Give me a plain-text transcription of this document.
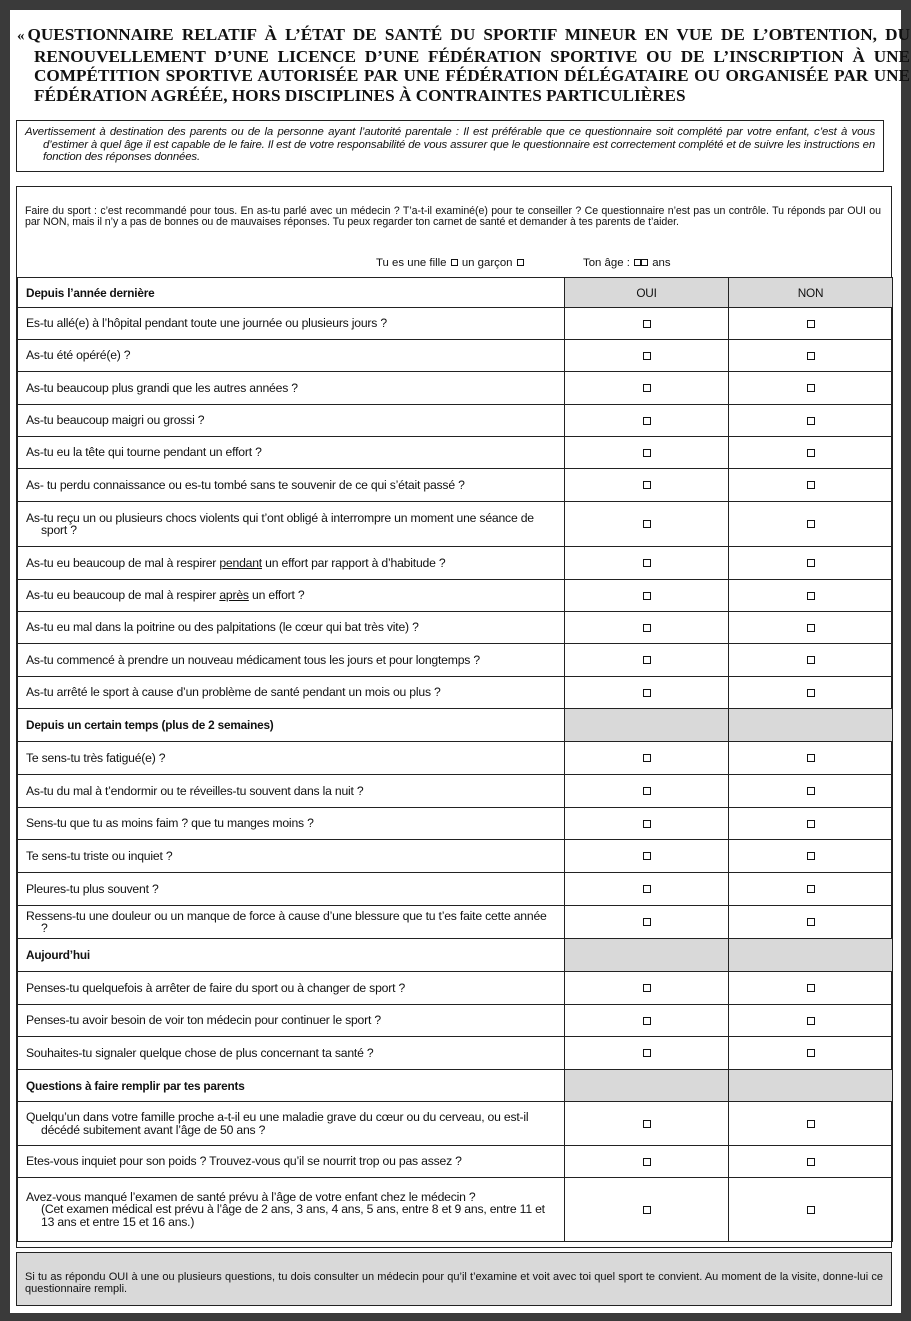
« QUESTIONNAIRE RELATIF À L’ÉTAT DE SANTÉ DU SPORTIF MINEUR EN VUE DE L’OBTENTION, DU RENOUVELLEMENT D’UNE LICENCE D’UNE FÉDÉRATION SPORTIVE OU DE L’INSCRIPTION À UNE COMPÉTITION SPORTIVE AUTORISÉE PAR UNE FÉDÉRATION DÉLÉGATAIRE OU ORGANISÉE PAR UNE FÉDÉRATION AGRÉÉE, HORS DISCIPLINES À CONTRAINTES PARTICULIÈRES
Avertissement à destination des parents ou de la personne ayant l’autorité parentale : Il est préférable que ce questionnaire soit complété par votre enfant, c’est à vous d’estimer à quel âge il est capable de le faire. Il est de votre responsabilité de vous assurer que le questionnaire est correctement complété et de suivre les instructions en fonction des réponses données.
Faire du sport : c’est recommandé pour tous. En as-tu parlé avec un médecin ? T’a-t-il examiné(e) pour te conseiller ? Ce questionnaire n’est pas un contrôle. Tu réponds par OUI ou par NON, mais il n’y a pas de bonnes ou de mauvaises réponses. Tu peux regarder ton carnet de santé et demander à tes parents de t’aider.
Tu es une fille un garçon	Ton âge : ans
Depuis l’année dernière	OUI	NON

Es-tu allé(e) à l’hôpital pendant toute une journée ou plusieurs jours ?		

As-tu été opéré(e) ?		

As-tu beaucoup plus grandi que les autres années ?		

As-tu beaucoup maigri ou grossi ?		

As-tu eu la tête qui tourne pendant un effort ?		

As- tu perdu connaissance ou es-tu tombé sans te souvenir de ce qui s’était passé ?		

As-tu reçu un ou plusieurs chocs violents qui t’ont obligé à interrompre un moment une séance de sport ?		

As-tu eu beaucoup de mal à respirer pendant un effort par rapport à d’habitude ?		

As-tu eu beaucoup de mal à respirer après un effort ?		

As-tu eu mal dans la poitrine ou des palpitations (le cœur qui bat très vite) ?		

As-tu commencé à prendre un nouveau médicament tous les jours et pour longtemps ?		

As-tu arrêté le sport à cause d’un problème de santé pendant un mois ou plus ?		

Depuis un certain temps (plus de 2 semaines)		

Te sens-tu très fatigué(e) ?		

As-tu du mal à t’endormir ou te réveilles-tu souvent dans la nuit ?		

Sens-tu que tu as moins faim ? que tu manges moins ?		

Te sens-tu triste ou inquiet ?		

Pleures-tu plus souvent ?		

Ressens-tu une douleur ou un manque de force à cause d’une blessure que tu t’es faite cette année ?		

Aujourd’hui		

Penses-tu quelquefois à arrêter de faire du sport ou à changer de sport ?		

Penses-tu avoir besoin de voir ton médecin pour continuer le sport ?		

Souhaites-tu signaler quelque chose de plus concernant ta santé ?		

Questions à faire remplir par tes parents		

Quelqu’un dans votre famille proche a-t-il eu une maladie grave du cœur ou du cerveau, ou est-il décédé subitement avant l’âge de 50 ans ?		

Etes-vous inquiet pour son poids ? Trouvez-vous qu’il se nourrit trop ou pas assez ?		

Avez-vous manqué l’examen de santé prévu à l’âge de votre enfant chez le médecin ?
(Cet examen médical est prévu à l’âge de 2 ans, 3 ans, 4 ans, 5 ans, entre 8 et 9 ans, entre 11 et 13 ans et entre 15 et 16 ans.)		

Si tu as répondu OUI à une ou plusieurs questions, tu dois consulter un médecin pour qu’il t’examine et voit avec toi quel sport te convient. Au moment de la visite, donne-lui ce questionnaire rempli.
